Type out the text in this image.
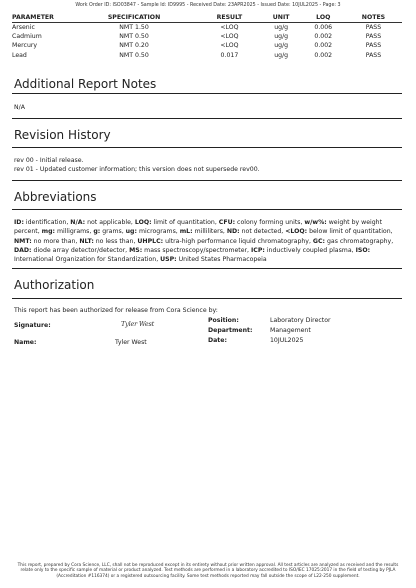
Work Order ID: ISO03847 - Sample Id: ID9995 - Received Date: 23APR2025 - Issued Date: 10JUL2025 - Page: 3
PARAMETER	SPECIFICATION	RESULT	UNIT	LOQ	NOTES
Arsenic	NMT 1.50	<LOQ	ug/g	0.006	PASS
Cadmium	NMT 0.50	<LOQ	ug/g	0.002	PASS
Mercury	NMT 0.20	<LOQ	ug/g	0.002	PASS
Lead	NMT 0.50	0.017	ug/g	0.002	PASS
Additional Report Notes
N/A
Revision History
rev 00 - Initial release.
rev 01 - Updated customer information; this version does not supersede rev00.
Abbreviations
ID: identification, N/A: not applicable, LOQ: limit of quantitation, CFU: colony forming units, w/w%: weight by weight percent, mg: milligrams, g: grams, ug: micrograms, mL: milliliters, ND: not detected, <LOQ: below limit of quantitation, NMT: no more than, NLT: no less than, UHPLC: ultra-high performance liquid chromatography, GC: gas chromatography, DAD: diode array detector/detector, MS: mass spectroscopy/spectrometer, ICP: inductively coupled plasma, ISO: International Organization for Standardization, USP: United States Pharmacopeia
Authorization
This report has been authorized for release from Cora Science by:
Signature:	Tyler West
Name:	Tyler West
Position:	Laboratory Director
Department:	Management
Date:	10JUL2025
This report, prepared by Cora Science, LLC, shall not be reproduced except in its entirety without prior written approval. All test articles are analyzed as received and the results relate only to the specific sample of material or product analyzed. Test methods are performed in a laboratory accredited to ISO/IEC 17025:2017 in the field of testing by PJLA (Accreditation #116374) or a registered outsourcing facility. Some test methods reported may fall outside the scope of L22-250 supplement.
